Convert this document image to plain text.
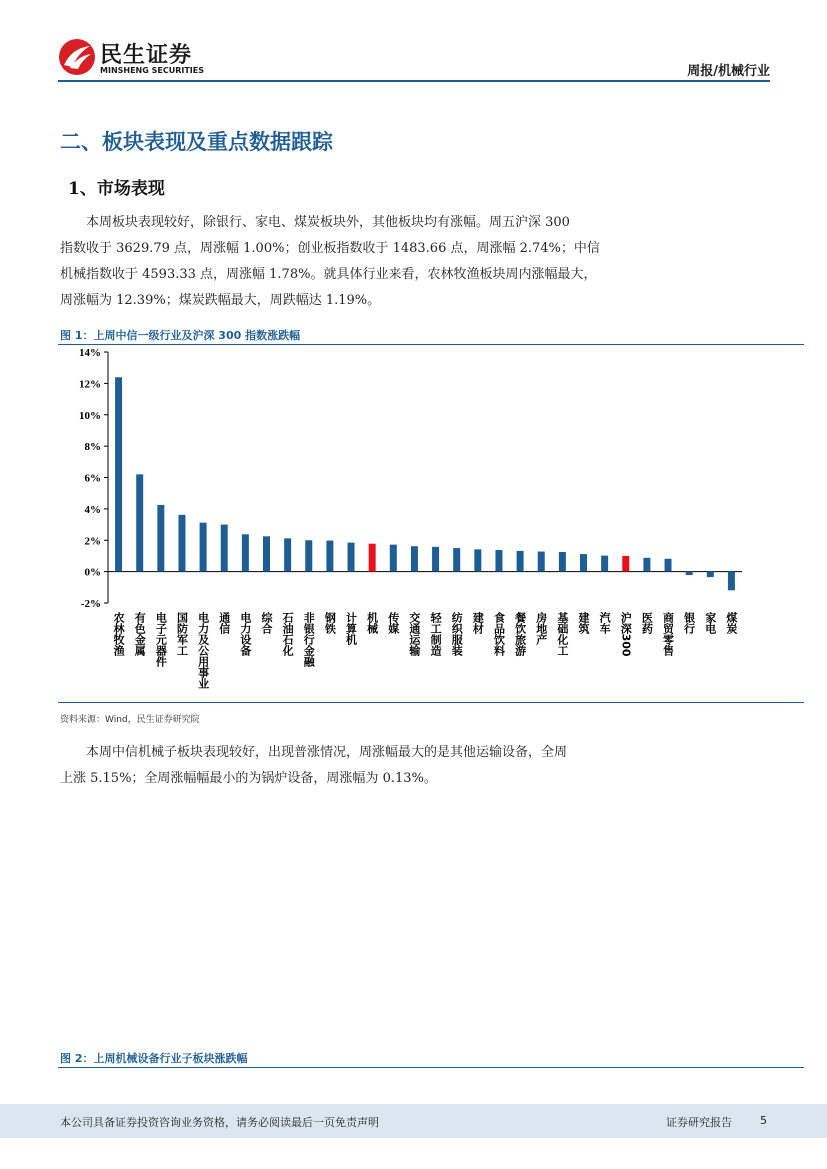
民生证券
MINSHENG SECURITIES	周报/机械行业
二、板块表现及重点数据跟踪
1、市场表现

本周板块表现较好，除银行、家电、煤炭板块外，其他板块均有涨幅。周五沪深 300

指数收于 3629.79 点，周涨幅 1.00%；创业板指数收于 1483.66 点，周涨幅 2.74%；中信

机械指数收于 4593.33 点，周涨幅 1.78%。就具体行业来看，农林牧渔板块周内涨幅最大，

周涨幅为 12.39%；煤炭跌幅最大，周跌幅达 1.19%。

图 1：上周中信一级行业及沪深 300 指数涨跌幅
-2%
0%
2%
4%
6%
8%
10%
12%
14%
农林牧渔 有色金属 电子元器件 国防军工 电力及公用事业 通信 电力设备 综合 石油石化 非银行金融 钢铁 计算机 机械 传媒 交通运输 轻工制造 纺织服装 建材 食品饮料 餐饮旅游 房地产 基础化工 建筑 汽车 沪深300 医药 商贸零售 银行 家电 煤炭
资料来源：Wind，民生证券研究院

本周中信机械子板块表现较好，出现普涨情况，周涨幅最大的是其他运输设备，全周

上涨 5.15%；全周涨幅幅最小的为锅炉设备，周涨幅为 0.13%。

图 2：上周机械设备行业子板块涨跌幅
本公司具备证券投资咨询业务资格，请务必阅读最后一页免责声明	证券研究报告	5
